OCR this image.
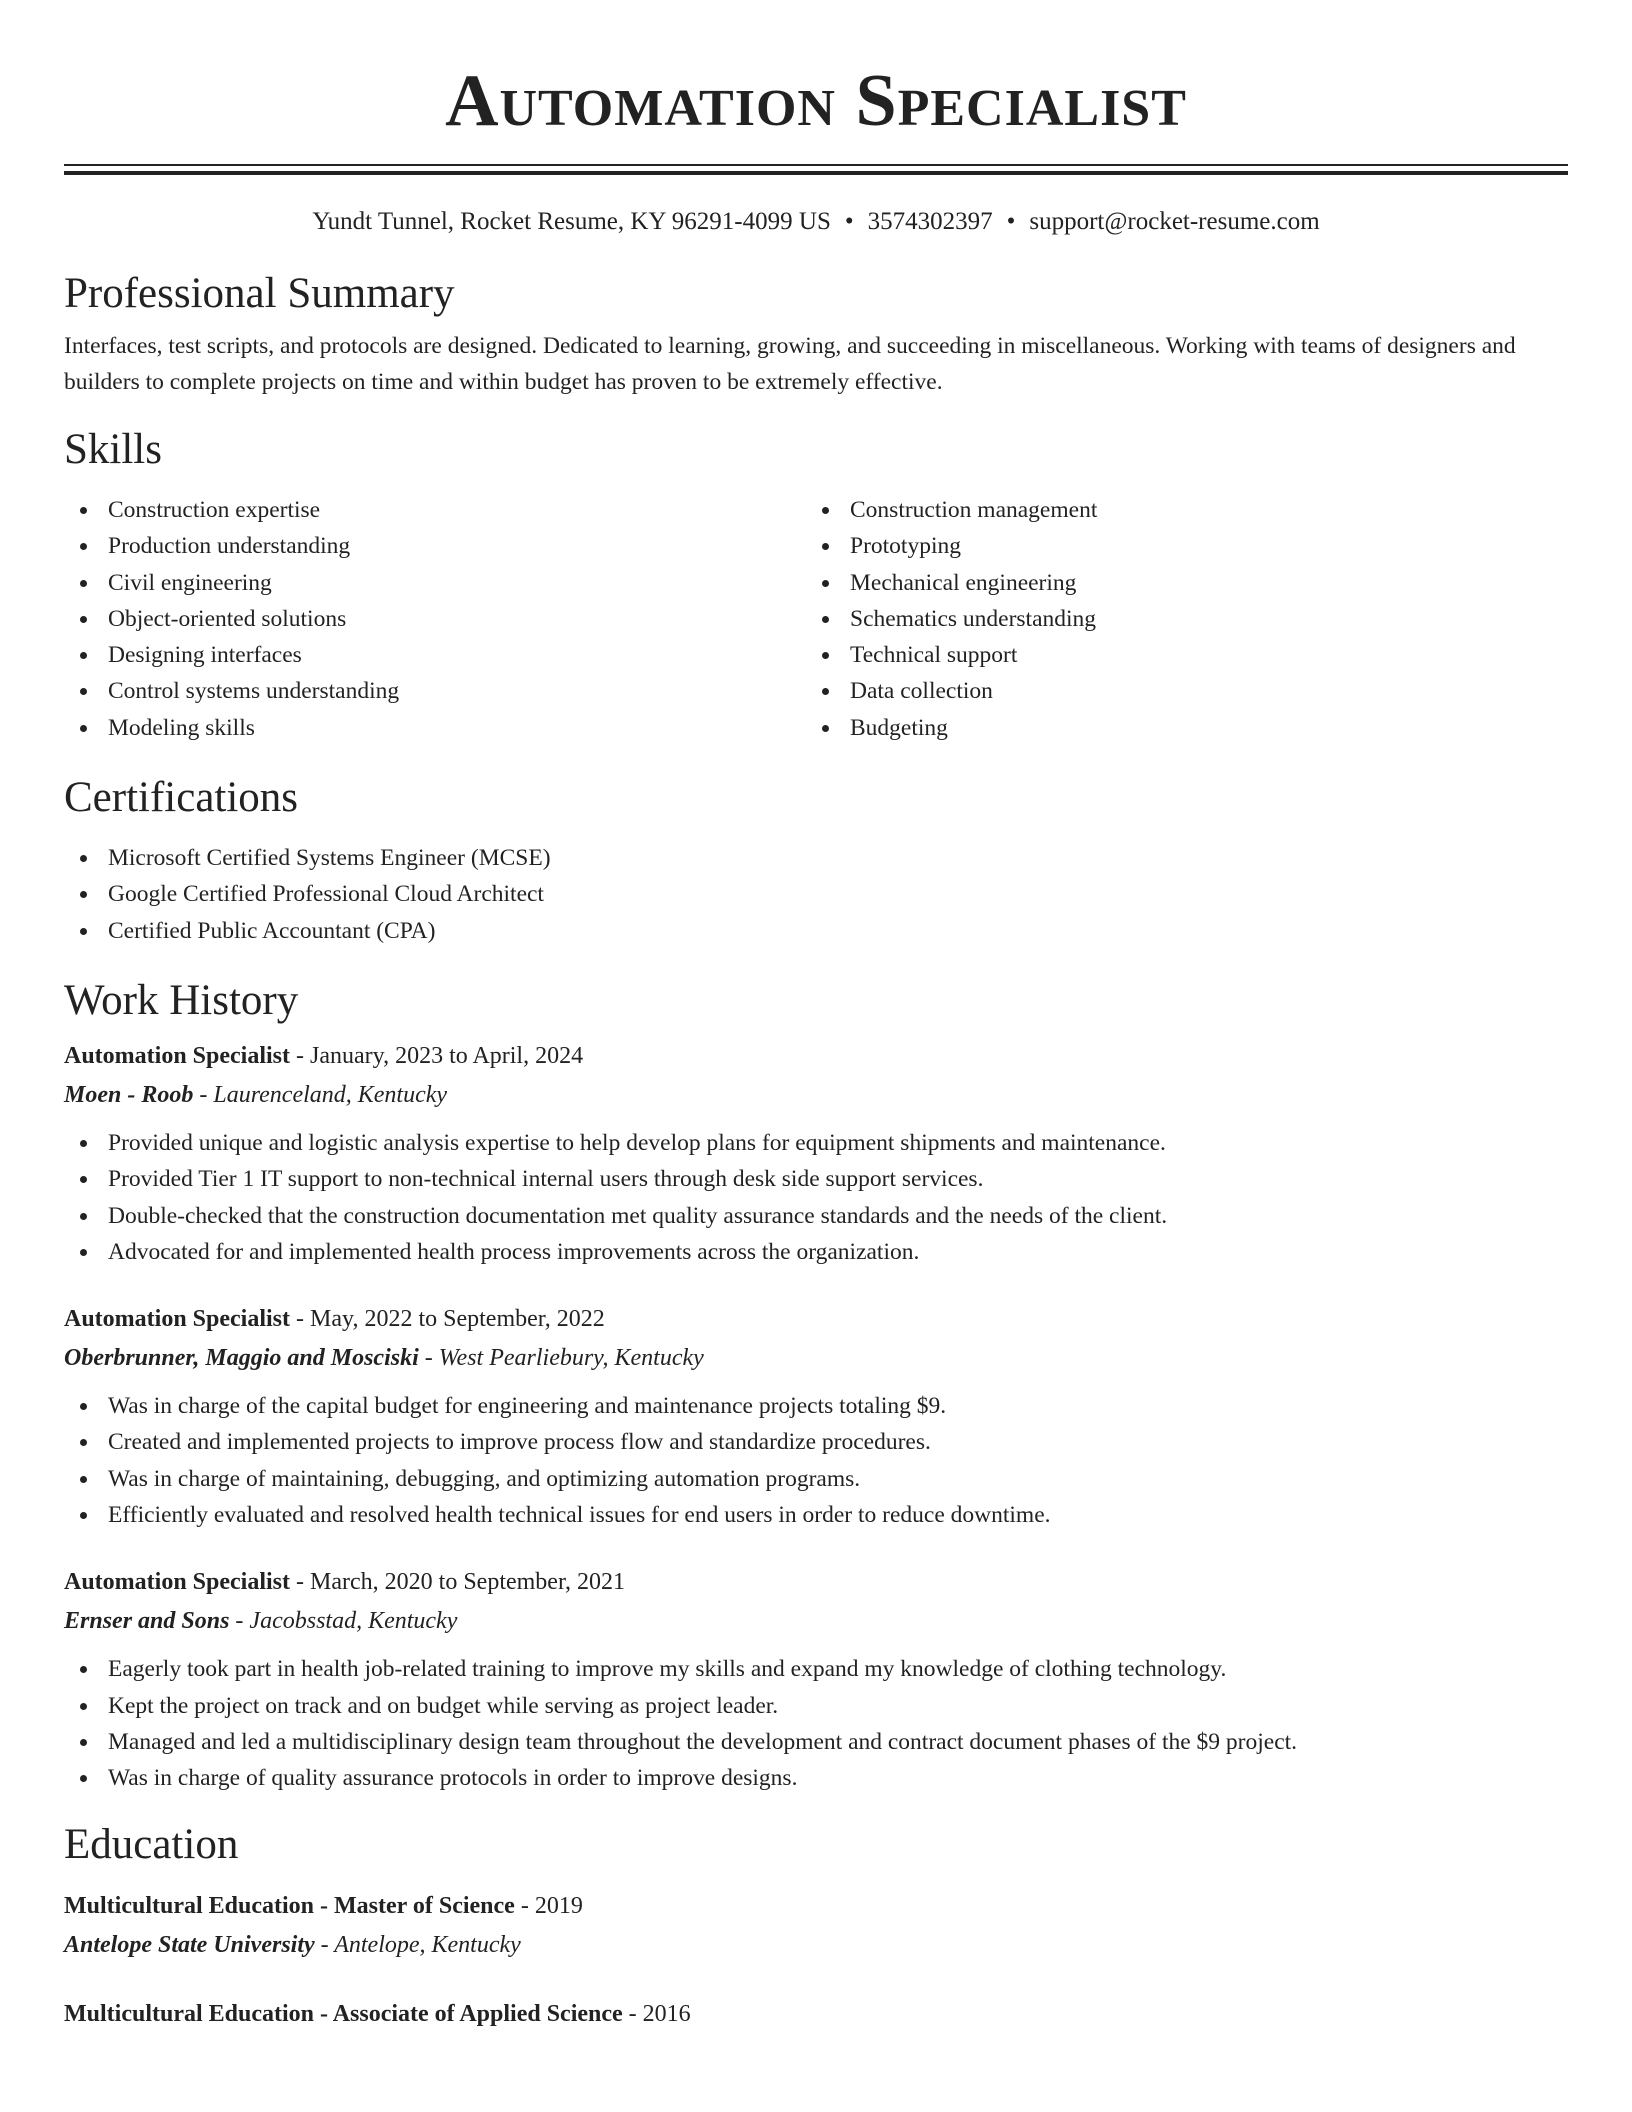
Automation Specialist
Yundt Tunnel, Rocket Resume, KY 96291-4099 US • 3574302397 • support@rocket-resume.com
Professional Summary

Interfaces, test scripts, and protocols are designed. Dedicated to learning, growing, and succeeding in miscellaneous. Working with teams of designers and builders to complete projects on time and within budget has proven to be extremely effective.

Skills
Construction expertise
Production understanding
Civil engineering
Object-oriented solutions
Designing interfaces
Control systems understanding
Modeling skills
Construction management
Prototyping
Mechanical engineering
Schematics understanding
Technical support
Data collection
Budgeting
Certifications
Microsoft Certified Systems Engineer (MCSE)
Google Certified Professional Cloud Architect
Certified Public Accountant (CPA)
Work History

Automation Specialist - January, 2023 to April, 2024

Moen - Roob - Laurenceland, Kentucky

Provided unique and logistic analysis expertise to help develop plans for equipment shipments and maintenance.
Provided Tier 1 IT support to non-technical internal users through desk side support services.
Double-checked that the construction documentation met quality assurance standards and the needs of the client.
Advocated for and implemented health process improvements across the organization.

Automation Specialist - May, 2022 to September, 2022

Oberbrunner, Maggio and Mosciski - West Pearliebury, Kentucky

Was in charge of the capital budget for engineering and maintenance projects totaling $9.
Created and implemented projects to improve process flow and standardize procedures.
Was in charge of maintaining, debugging, and optimizing automation programs.
Efficiently evaluated and resolved health technical issues for end users in order to reduce downtime.

Automation Specialist - March, 2020 to September, 2021

Ernser and Sons - Jacobsstad, Kentucky

Eagerly took part in health job-related training to improve my skills and expand my knowledge of clothing technology.
Kept the project on track and on budget while serving as project leader.
Managed and led a multidisciplinary design team throughout the development and contract document phases of the $9 project.
Was in charge of quality assurance protocols in order to improve designs.
Education

Multicultural Education - Master of Science - 2019

Antelope State University - Antelope, Kentucky

Multicultural Education - Associate of Applied Science - 2016
